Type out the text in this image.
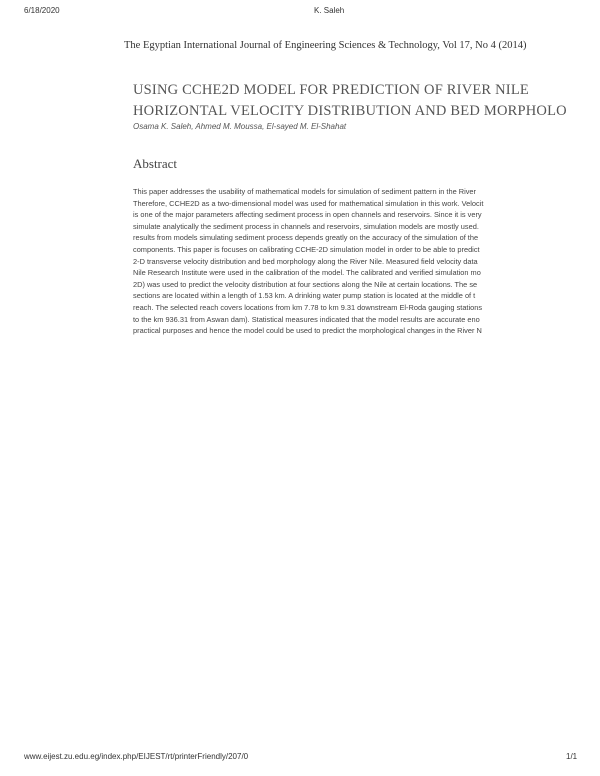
6/18/2020	K. Saleh
The Egyptian International Journal of Engineering Sciences & Technology, Vol 17, No 4 (2014)
USING CCHE2D MODEL FOR PREDICTION OF RIVER NILE
HORIZONTAL VELOCITY DISTRIBUTION AND BED MORPHOLO
Osama K. Saleh, Ahmed M. Moussa, El-sayed M. El-Shahat
Abstract
This paper addresses the usability of mathematical models for simulation of sediment pattern in the River
Therefore, CCHE2D as a two-dimensional model was used for mathematical simulation in this work. Velocit
is one of the major parameters affecting sediment process in open channels and reservoirs. Since it is very
simulate analytically the sediment process in channels and reservoirs, simulation models are mostly used.
results from models simulating sediment process depends greatly on the accuracy of the simulation of the
components. This paper is focuses on calibrating CCHE-2D simulation model in order to be able to predict
2-D transverse velocity distribution and bed morphology along the River Nile. Measured field velocity data
Nile Research Institute were used in the calibration of the model. The calibrated and verified simulation mo
2D) was used to predict the velocity distribution at four sections along the Nile at certain locations. The se
sections are located within a length of 1.53 km. A drinking water pump station is located at the middle of t
reach. The selected reach covers locations from km 7.78 to km 9.31 downstream El-Roda gauging stations
to the km 936.31 from Aswan dam). Statistical measures indicated that the model results are accurate eno
practical purposes and hence the model could be used to predict the morphological changes in the River N
www.eijest.zu.edu.eg/index.php/EIJEST/rt/printerFriendly/207/0	1/1
